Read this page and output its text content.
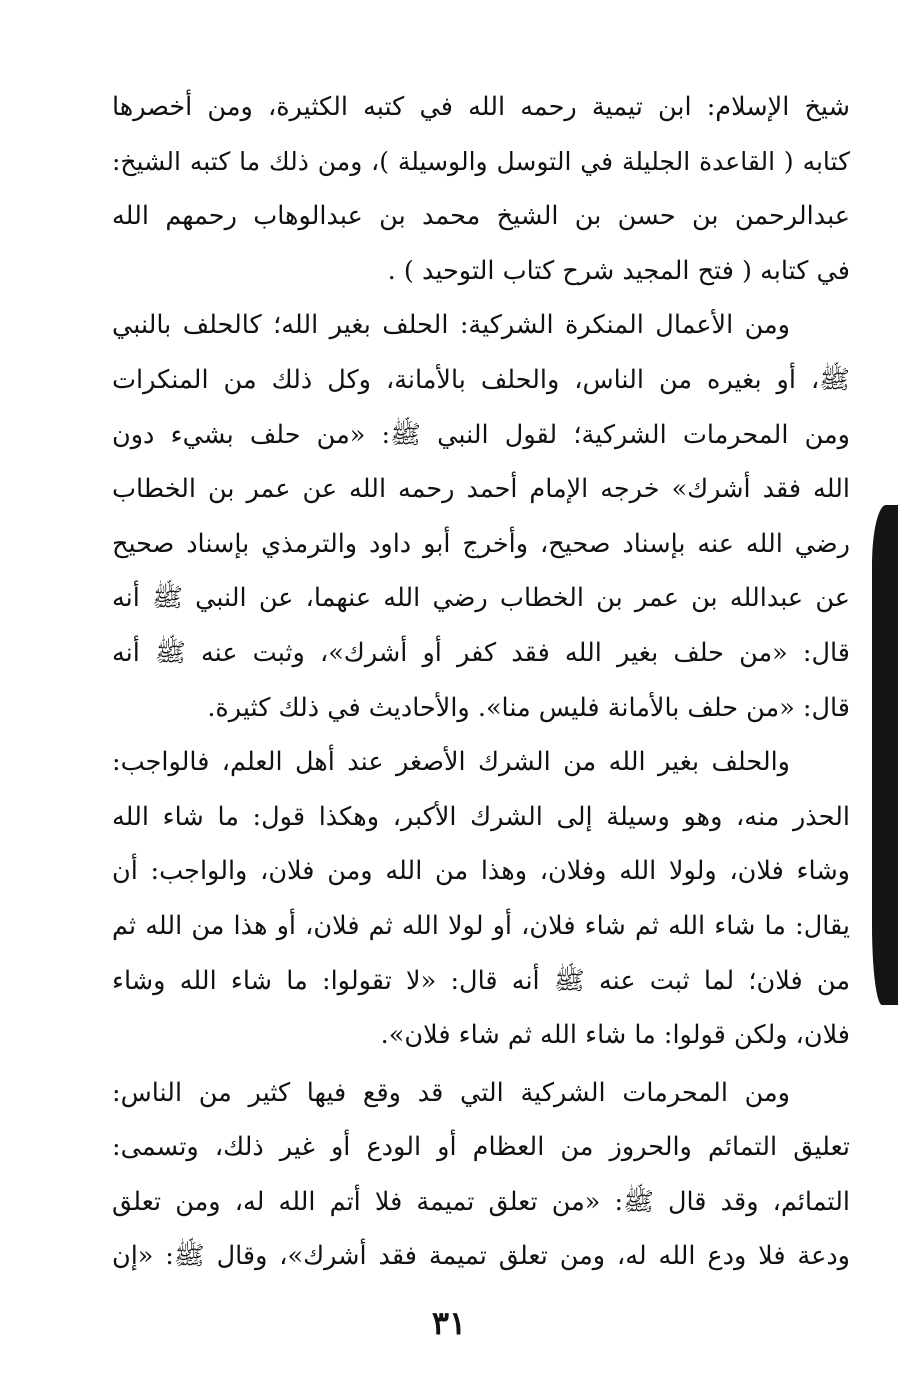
شيخ الإسلام: ابن تيمية رحمه الله في كتبه الكثيرة، ومن أخصرها
كتابه ( القاعدة الجليلة في التوسل والوسيلة )، ومن ذلك ما كتبه الشيخ:
عبدالرحمن بن حسن بن الشيخ محمد بن عبدالوهاب رحمهم الله
في كتابه ( فتح المجيد شرح كتاب التوحيد ) .
ومن الأعمال المنكرة الشركية: الحلف بغير الله؛ كالحلف بالنبي
ﷺ، أو بغيره من الناس، والحلف بالأمانة، وكل ذلك من المنكرات
ومن المحرمات الشركية؛ لقول النبي ﷺ: «من حلف بشيء دون
الله فقد أشرك» خرجه الإمام أحمد رحمه الله عن عمر بن الخطاب
رضي الله عنه بإسناد صحيح، وأخرج أبو داود والترمذي بإسناد صحيح
عن عبدالله بن عمر بن الخطاب رضي الله عنهما، عن النبي ﷺ أنه
قال: «من حلف بغير الله فقد كفر أو أشرك»، وثبت عنه ﷺ أنه
قال: «من حلف بالأمانة فليس منا». والأحاديث في ذلك كثيرة.
والحلف بغير الله من الشرك الأصغر عند أهل العلم، فالواجب:
الحذر منه، وهو وسيلة إلى الشرك الأكبر، وهكذا قول: ما شاء الله
وشاء فلان، ولولا الله وفلان، وهذا من الله ومن فلان، والواجب: أن
يقال: ما شاء الله ثم شاء فلان، أو لولا الله ثم فلان، أو هذا من الله ثم
من فلان؛ لما ثبت عنه ﷺ أنه قال: «لا تقولوا: ما شاء الله وشاء
فلان، ولكن قولوا: ما شاء الله ثم شاء فلان».
ومن المحرمات الشركية التي قد وقع فيها كثير من الناس:
تعليق التمائم والحروز من العظام أو الودع أو غير ذلك، وتسمى:
التمائم، وقد قال ﷺ: «من تعلق تميمة فلا أتم الله له، ومن تعلق
ودعة فلا ودع الله له، ومن تعلق تميمة فقد أشرك»، وقال ﷺ: «إن
٣١
